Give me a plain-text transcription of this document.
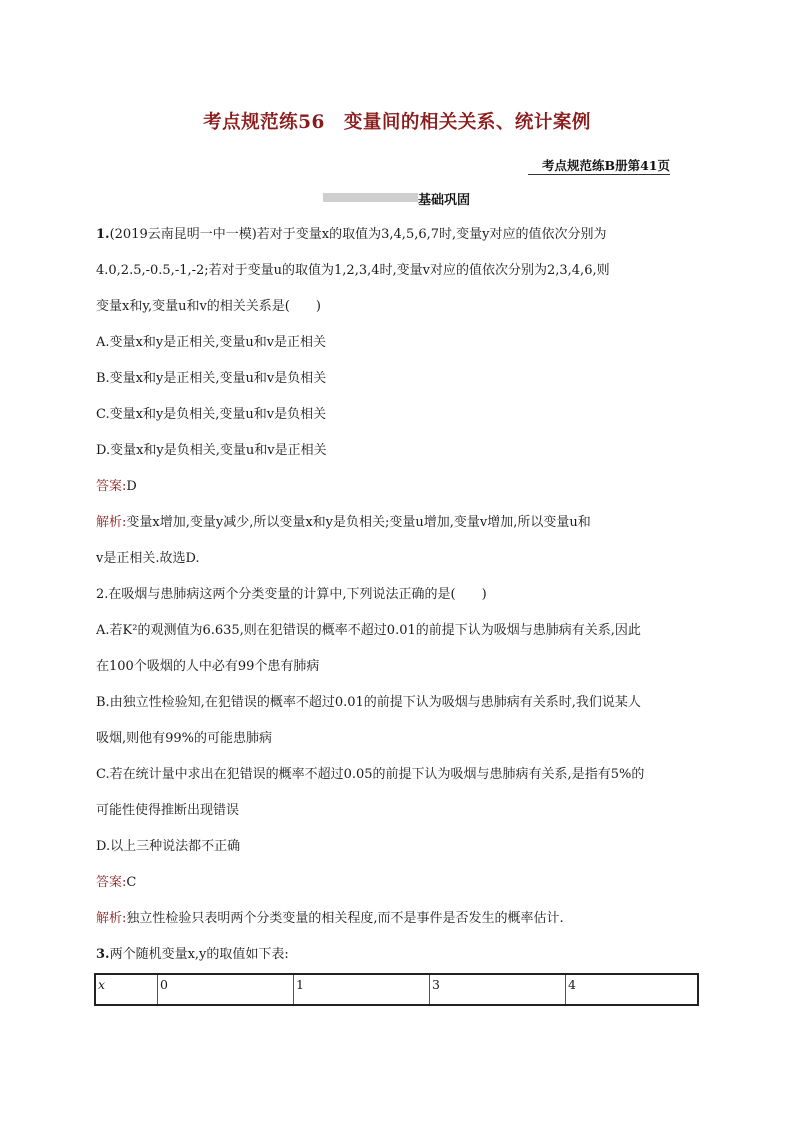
考点规范练56　变量间的相关关系、统计案例
考点规范练B册第41页
基础巩固
1.(2019云南昆明一中一模)若对于变量x的取值为3,4,5,6,7时,变量y对应的值依次分别为
4.0,2.5,-0.5,-1,-2;若对于变量u的取值为1,2,3,4时,变量v对应的值依次分别为2,3,4,6,则
变量x和y,变量u和v的相关关系是(　　)
A.变量x和y是正相关,变量u和v是正相关
B.变量x和y是正相关,变量u和v是负相关
C.变量x和y是负相关,变量u和v是负相关
D.变量x和y是负相关,变量u和v是正相关
答案:D
解析:变量x增加,变量y减少,所以变量x和y是负相关;变量u增加,变量v增加,所以变量u和
v是正相关.故选D.
2.在吸烟与患肺病这两个分类变量的计算中,下列说法正确的是(　　)
A.若K²的观测值为6.635,则在犯错误的概率不超过0.01的前提下认为吸烟与患肺病有关系,因此
在100个吸烟的人中必有99个患有肺病
B.由独立性检验知,在犯错误的概率不超过0.01的前提下认为吸烟与患肺病有关系时,我们说某人
吸烟,则他有99%的可能患肺病
C.若在统计量中求出在犯错误的概率不超过0.05的前提下认为吸烟与患肺病有关系,是指有5%的
可能性使得推断出现错误
D.以上三种说法都不正确
答案:C
解析:独立性检验只表明两个分类变量的相关程度,而不是事件是否发生的概率估计.
3.两个随机变量x,y的取值如下表:
x	0	1	3	4
